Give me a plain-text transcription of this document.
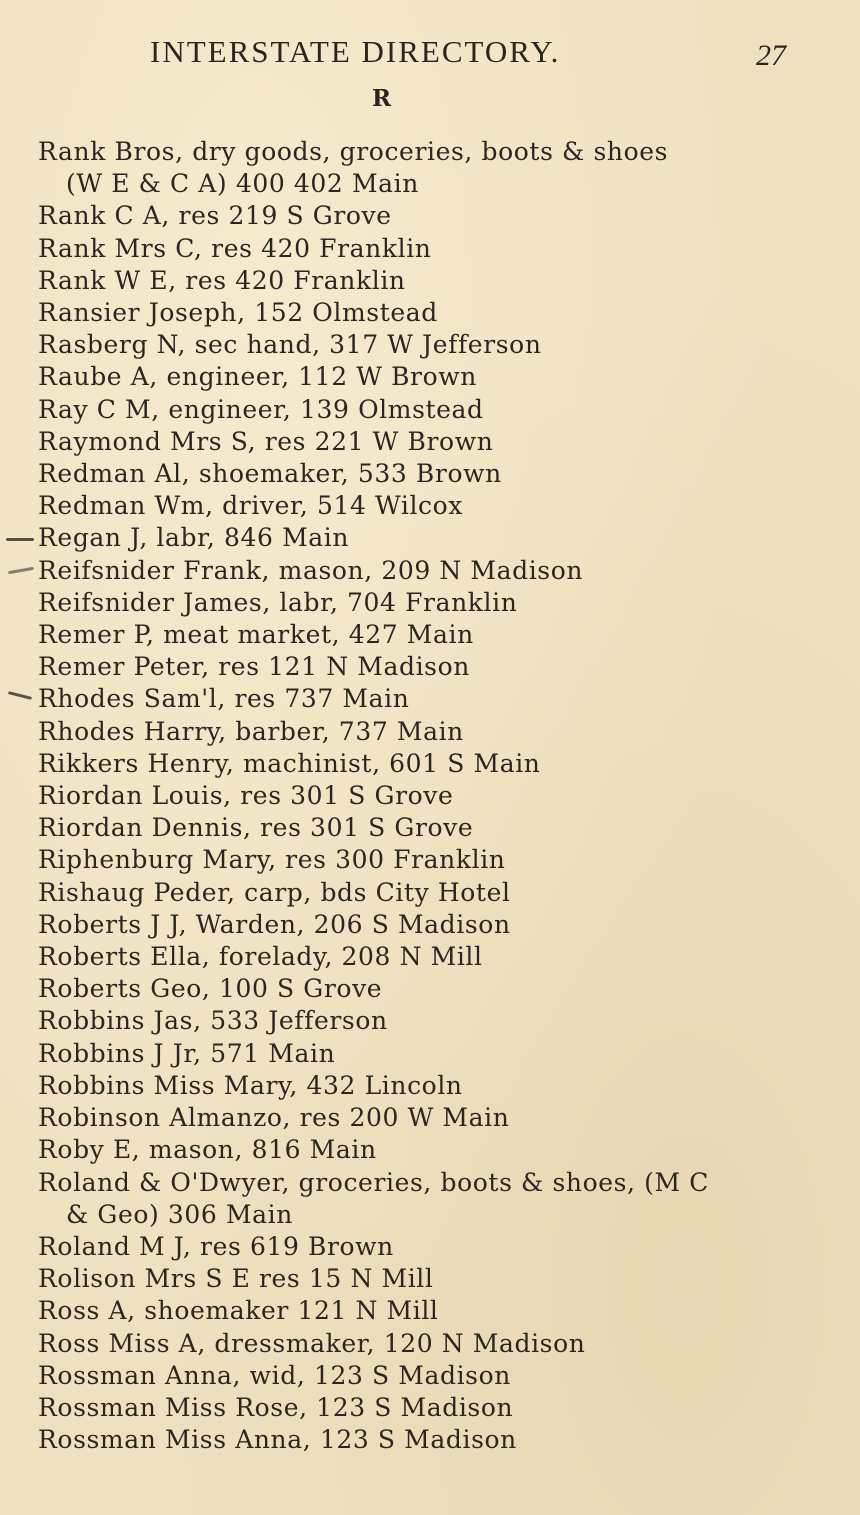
INTERSTATE DIRECTORY.	27
R
Rank Bros, dry goods, groceries, boots & shoes
(W E & C A) 400 402 Main
Rank C A, res 219 S Grove
Rank Mrs C, res 420 Franklin
Rank W E, res 420 Franklin
Ransier Joseph, 152 Olmstead
Rasberg N, sec hand, 317 W Jefferson
Raube A, engineer, 112 W Brown
Ray C M, engineer, 139 Olmstead
Raymond Mrs S, res 221 W Brown
Redman Al, shoemaker, 533 Brown
Redman Wm, driver, 514 Wilcox
Regan J, labr, 846 Main
Reifsnider Frank, mason, 209 N Madison
Reifsnider James, labr, 704 Franklin
Remer P, meat market, 427 Main
Remer Peter, res 121 N Madison
Rhodes Sam'l, res 737 Main
Rhodes Harry, barber, 737 Main
Rikkers Henry, machinist, 601 S Main
Riordan Louis, res 301 S Grove
Riordan Dennis, res 301 S Grove
Riphenburg Mary, res 300 Franklin
Rishaug Peder, carp, bds City Hotel
Roberts J J, Warden, 206 S Madison
Roberts Ella, forelady, 208 N Mill
Roberts Geo, 100 S Grove
Robbins Jas, 533 Jefferson
Robbins J Jr, 571 Main
Robbins Miss Mary, 432 Lincoln
Robinson Almanzo, res 200 W Main
Roby E, mason, 816 Main
Roland & O'Dwyer, groceries, boots & shoes, (M C
& Geo) 306 Main
Roland M J, res 619 Brown
Rolison Mrs S E res 15 N Mill
Ross A, shoemaker 121 N Mill
Ross Miss A, dressmaker, 120 N Madison
Rossman Anna, wid, 123 S Madison
Rossman Miss Rose, 123 S Madison
Rossman Miss Anna, 123 S Madison
